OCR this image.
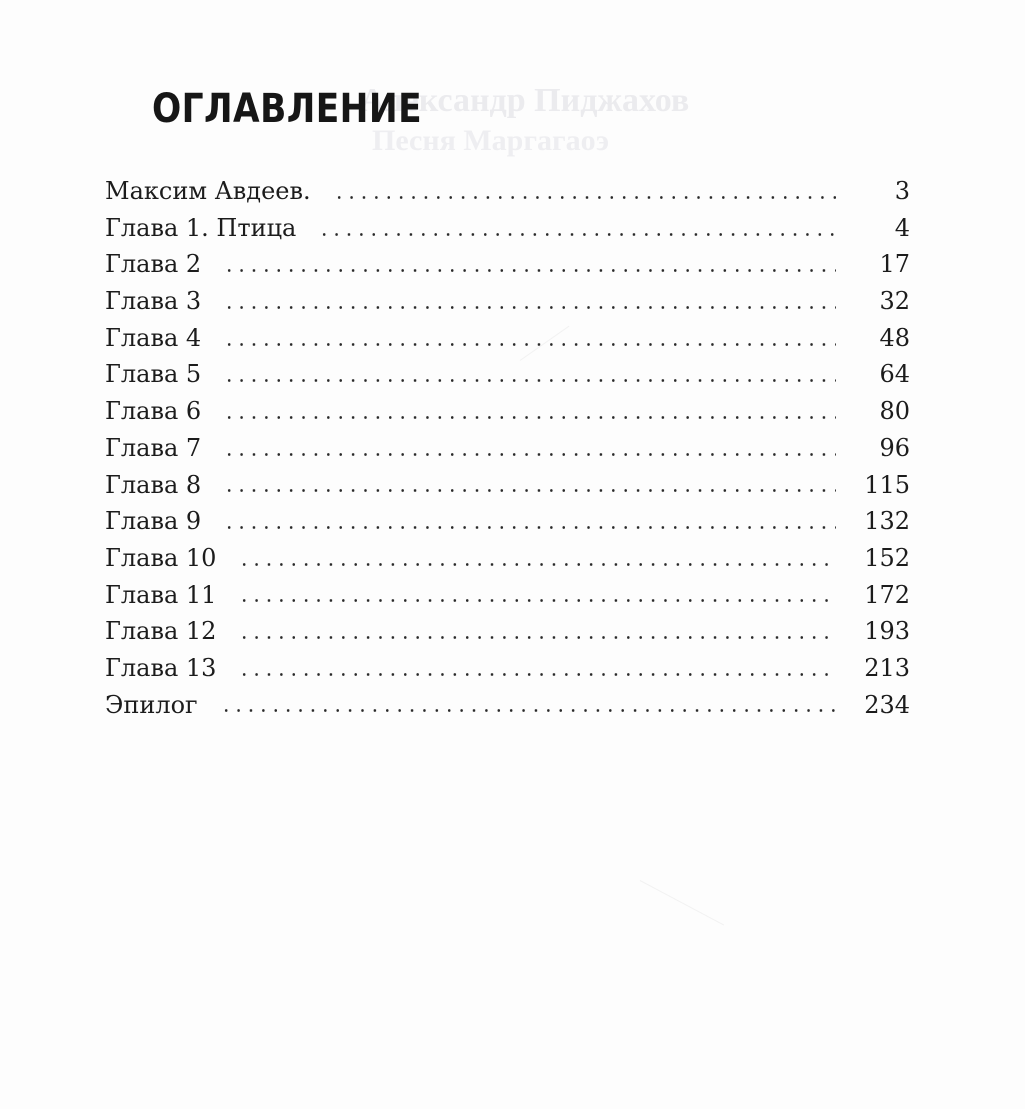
Александр Пиджахов
Песня Маргагаоэ
ОГЛАВЛЕНИЕ
Максим Авдеев.	3
Глава 1. Птица	4
Глава 2	17
Глава 3	32
Глава 4	48
Глава 5	64
Глава 6	80
Глава 7	96
Глава 8	115
Глава 9	132
Глава 10	152
Глава 11	172
Глава 12	193
Глава 13	213
Эпилог	234
